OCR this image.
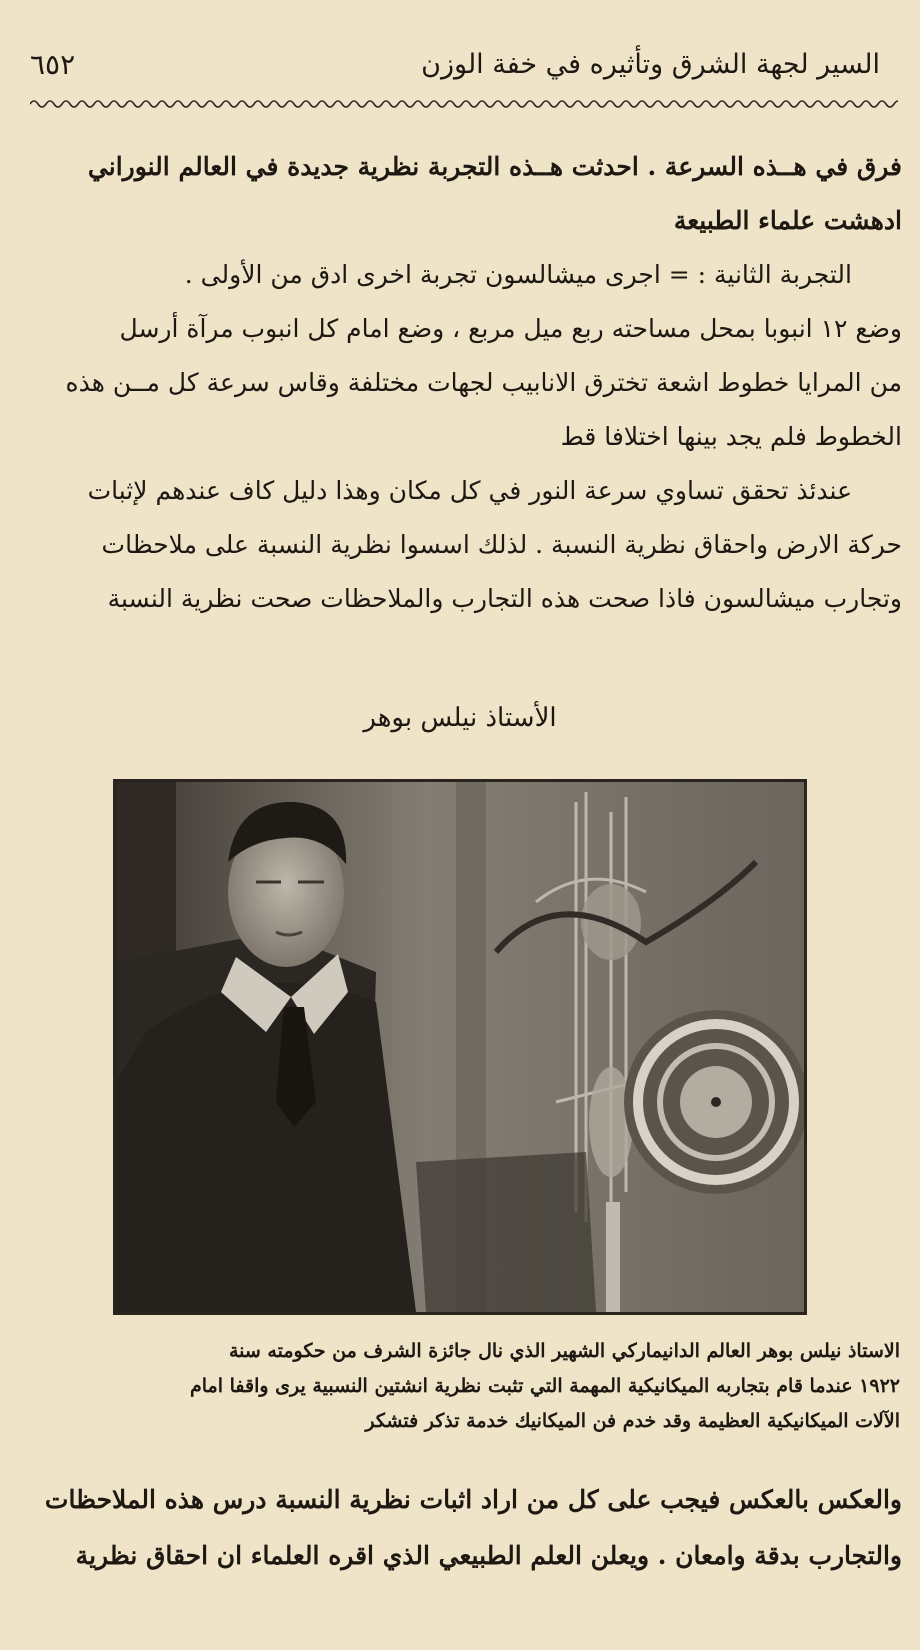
٦٥٢	السير لجهة الشرق وتأثيره في خفة الوزن
فرق في هــذه السرعة . احدثت هــذه التجربة نظرية جديدة في العالم النوراني
ادهشت علماء الطبيعة
التجربة الثانية : = اجرى ميشالسون تجربة اخرى ادق من الأولى .
وضع ١٢ انبوبا بمحل مساحته ربع ميل مربع ، وضع امام كل انبوب مرآة أرسل
من المرايا خطوط اشعة تخترق الانابيب لجهات مختلفة وقاس سرعة كل مــن هذه
الخطوط فلم يجد بينها اختلافا قط
عندئذ تحقق تساوي سرعة النور في كل مكان وهذا دليل كاف عندهم لإثبات
حركة الارض واحقاق نظرية النسبة . لذلك اسسوا نظرية النسبة على ملاحظات
وتجارب ميشالسون فاذا صحت هذه التجارب والملاحظات صحت نظرية النسبة
الأستاذ نيلس بوهر
الاستاذ نيلس بوهر العالم الدانيماركي الشهير الذي نال جائزة الشرف من حكومته سنة
١٩٢٢ عندما قام بتجاربه الميكانيكية المهمة التي تثبت نظرية انشتين النسبية يرى واقفا امام
الآلات الميكانيكية العظيمة وقد خدم فن الميكانيك خدمة تذكر فتشكر
والعكس بالعكس فيجب على كل من اراد اثبات نظرية النسبة درس هذه الملاحظات
والتجارب بدقة وامعان . ويعلن العلم الطبيعي الذي اقره العلماء ان احقاق نظرية
